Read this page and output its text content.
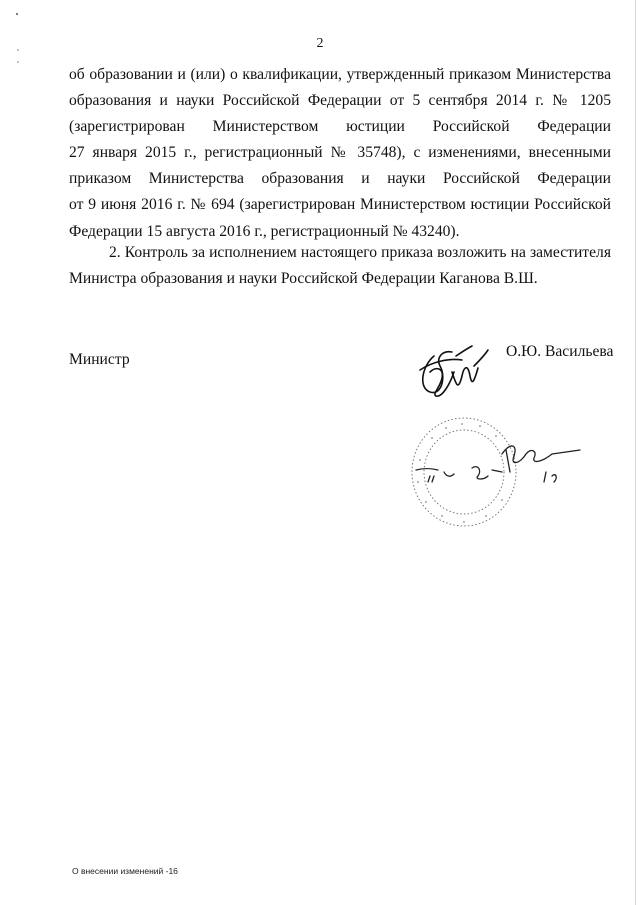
2
об образовании и (или) о квалификации, утвержденный приказом Министерства
образования и науки Российской Федерации от 5 сентября 2014 г. № 1205
(зарегистрирован Министерством юстиции Российской Федерации
27 января 2015 г., регистрационный № 35748), с изменениями, внесенными
приказом Министерства образования и науки Российской Федерации
от 9 июня 2016 г. № 694 (зарегистрирован Министерством юстиции Российской
Федерации 15 августа 2016 г., регистрационный № 43240).
2. Контроль за исполнением настоящего приказа возложить на заместителя
Министра образования и науки Российской Федерации Каганова В.Ш.
Министр	О.Ю. Васильева
О внесении изменений -16
